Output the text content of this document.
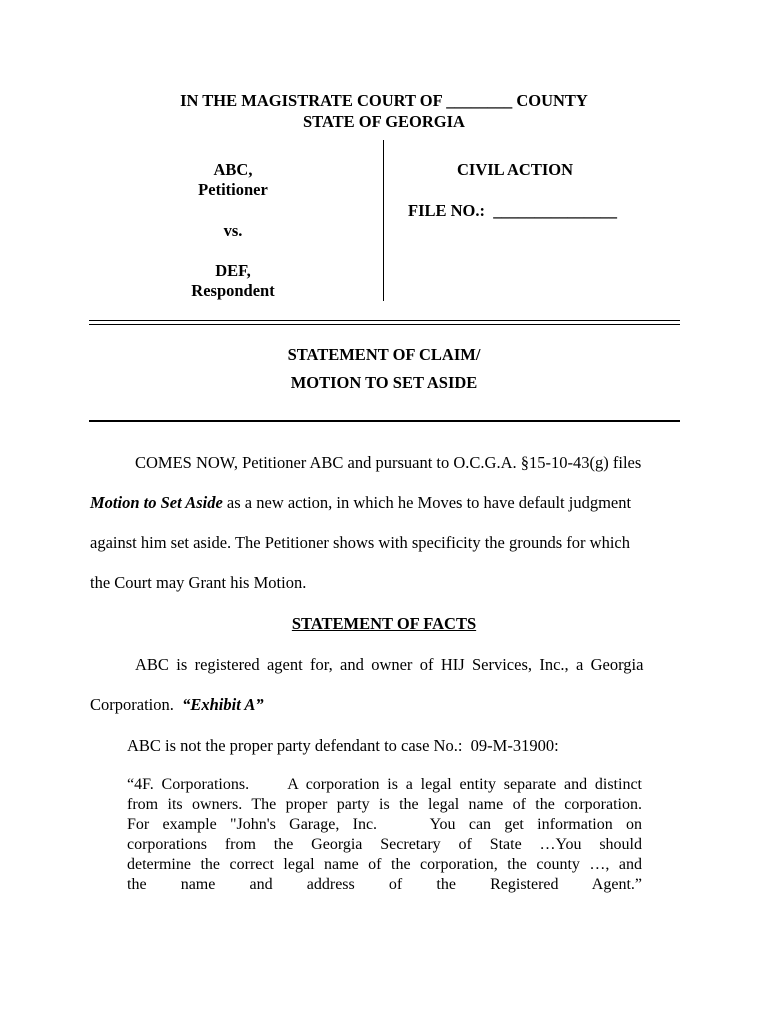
IN THE MAGISTRATE COURT OF ________ COUNTY

STATE OF GEORGIA

ABC,

Petitioner

vs.

DEF,

Respondent

CIVIL ACTION

FILE NO.:  _______________

STATEMENT OF CLAIM/

MOTION TO SET ASIDE

COMES NOW, Petitioner ABC and pursuant to O.C.G.A. §15-10-43(g) files

Motion to Set Aside as a new action, in which he Moves to have default judgment

against him set aside. The Petitioner shows with specificity the grounds for which

the Court may Grant his Motion.

STATEMENT OF FACTS

ABC is registered agent for, and owner of HIJ Services, Inc., a Georgia

Corporation.  “Exhibit A”

ABC is not the proper party defendant to case No.:  09-M-31900:

“4F. Corporations.     A corporation is a legal entity separate and distinct
from its owners. The proper party is the legal name of the corporation.
For example "John's Garage, Inc.    You can get information on
corporations from the Georgia Secretary of State …You should
determine the correct legal name of the corporation, the county …, and
the name and address of the Registered Agent.”
